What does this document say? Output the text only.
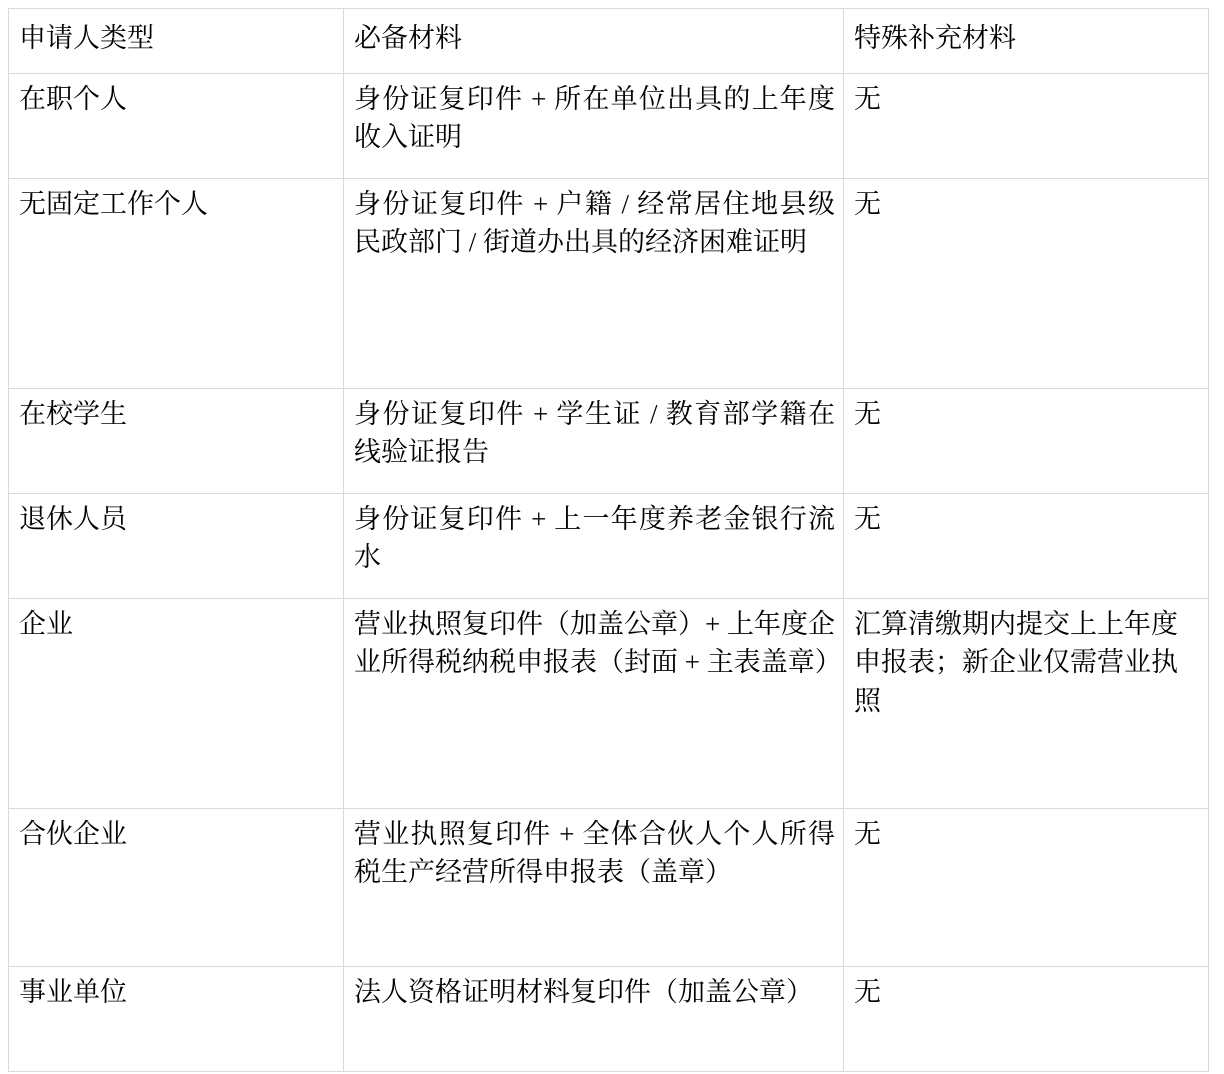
申请人类型	必备材料	特殊补充材料

在职个人	身份证复印件 + 所在单位出具的上年度收入证明	无

无固定工作个人	身份证复印件 + 户籍 / 经常居住地县级民政部门 / 街道办出具的经济困难证明	无

在校学生	身份证复印件 + 学生证 / 教育部学籍在线验证报告	无

退休人员	身份证复印件 + 上一年度养老金银行流水	无

企业	营业执照复印件（加盖公章）+ 上年度企业所得税纳税申报表（封面 + 主表盖章）	汇算清缴期内提交上上年度申报表；新企业仅需营业执照

合伙企业	营业执照复印件 + 全体合伙人个人所得税生产经营所得申报表（盖章）	无

事业单位	法人资格证明材料复印件（加盖公章）	无
